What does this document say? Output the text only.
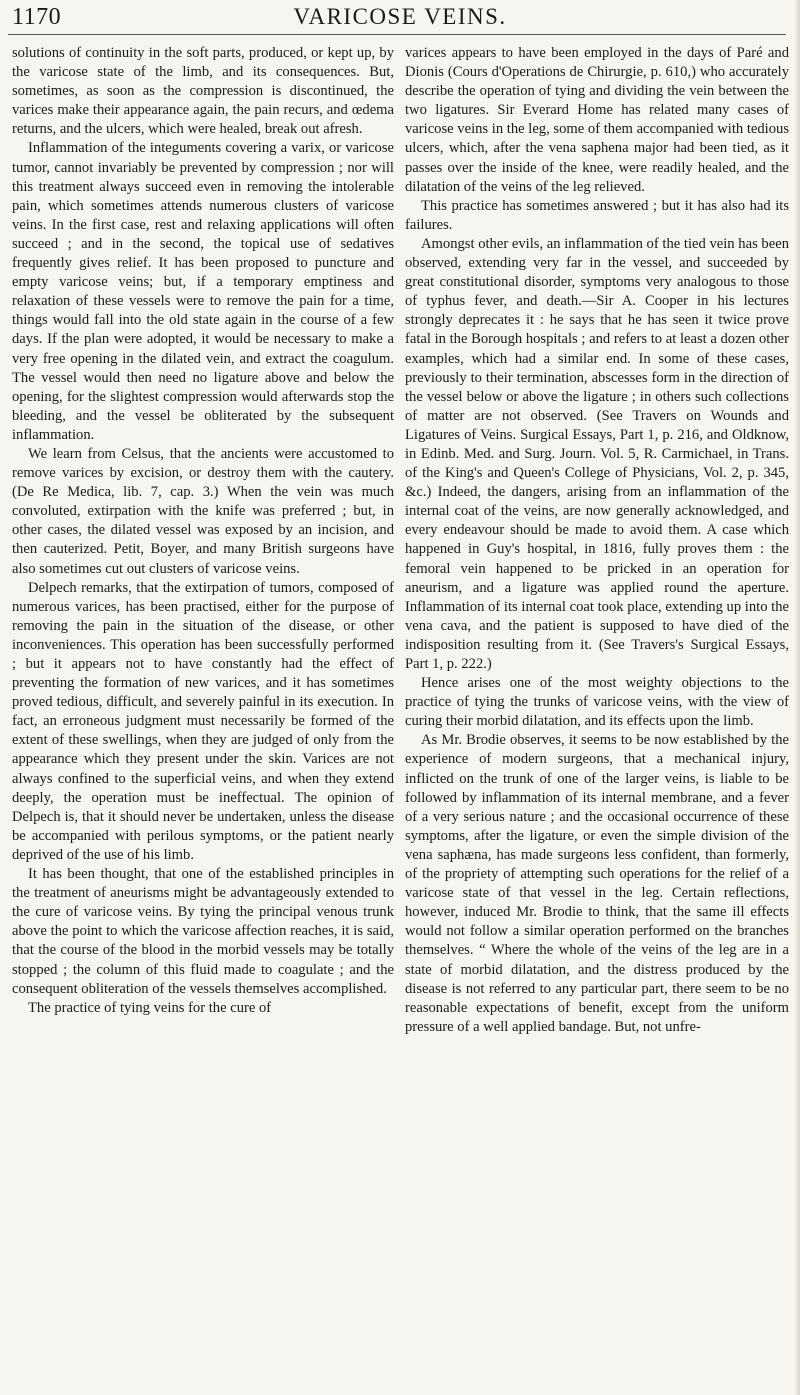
1170	VARICOSE VEINS.

solutions of continuity in the soft parts, produced, or kept up, by the varicose state of the limb, and its consequences. But, sometimes, as soon as the compression is discontinued, the varices make their appearance again, the pain recurs, and œdema returns, and the ulcers, which were healed, break out afresh.

Inflammation of the integuments covering a varix, or varicose tumor, cannot invariably be prevented by compression ; nor will this treatment always succeed even in removing the intolerable pain, which sometimes attends numerous clusters of varicose veins. In the first case, rest and relaxing applications will often succeed ; and in the second, the topical use of sedatives frequently gives relief. It has been proposed to puncture and empty varicose veins; but, if a temporary emptiness and relaxation of these vessels were to remove the pain for a time, things would fall into the old state again in the course of a few days. If the plan were adopted, it would be necessary to make a very free opening in the dilated vein, and extract the coagulum. The vessel would then need no ligature above and below the opening, for the slightest compression would afterwards stop the bleeding, and the vessel be obliterated by the subsequent inflammation.

We learn from Celsus, that the ancients were accustomed to remove varices by excision, or destroy them with the cautery. (De Re Medica, lib. 7, cap. 3.) When the vein was much convoluted, extirpation with the knife was preferred ; but, in other cases, the dilated vessel was exposed by an incision, and then cauterized. Petit, Boyer, and many British surgeons have also sometimes cut out clusters of varicose veins.

Delpech remarks, that the extirpation of tumors, composed of numerous varices, has been practised, either for the purpose of removing the pain in the situation of the disease, or other inconveniences. This operation has been successfully performed ; but it appears not to have constantly had the effect of preventing the formation of new varices, and it has sometimes proved tedious, difficult, and severely painful in its execution. In fact, an erroneous judgment must necessarily be formed of the extent of these swellings, when they are judged of only from the appearance which they present under the skin. Varices are not always confined to the superficial veins, and when they extend deeply, the operation must be ineffectual. The opinion of Delpech is, that it should never be undertaken, unless the disease be accompanied with perilous symptoms, or the patient nearly deprived of the use of his limb.

It has been thought, that one of the established principles in the treatment of aneurisms might be advantageously extended to the cure of varicose veins. By tying the principal venous trunk above the point to which the varicose affection reaches, it is said, that the course of the blood in the morbid vessels may be totally stopped ; the column of this fluid made to coagulate ; and the consequent obliteration of the vessels themselves accomplished.

The practice of tying veins for the cure of

varices appears to have been employed in the days of Paré and Dionis (Cours d'Operations de Chirurgie, p. 610,) who accurately describe the operation of tying and dividing the vein between the two ligatures. Sir Everard Home has related many cases of varicose veins in the leg, some of them accompanied with tedious ulcers, which, after the vena saphena major had been tied, as it passes over the inside of the knee, were readily healed, and the dilatation of the veins of the leg relieved.

This practice has sometimes answered ; but it has also had its failures.

Amongst other evils, an inflammation of the tied vein has been observed, extending very far in the vessel, and succeeded by great constitutional disorder, symptoms very analogous to those of typhus fever, and death.—Sir A. Cooper in his lectures strongly deprecates it : he says that he has seen it twice prove fatal in the Borough hospitals ; and refers to at least a dozen other examples, which had a similar end. In some of these cases, previously to their termination, abscesses form in the direction of the vessel below or above the ligature ; in others such collections of matter are not observed. (See Travers on Wounds and Ligatures of Veins. Surgical Essays, Part 1, p. 216, and Oldknow, in Edinb. Med. and Surg. Journ. Vol. 5, R. Carmichael, in Trans. of the King's and Queen's College of Physicians, Vol. 2, p. 345, &c.) Indeed, the dangers, arising from an inflammation of the internal coat of the veins, are now generally acknowledged, and every endeavour should be made to avoid them. A case which happened in Guy's hospital, in 1816, fully proves them : the femoral vein happened to be pricked in an operation for aneurism, and a ligature was applied round the aperture. Inflammation of its internal coat took place, extending up into the vena cava, and the patient is supposed to have died of the indisposition resulting from it. (See Travers's Surgical Essays, Part 1, p. 222.)

Hence arises one of the most weighty objections to the practice of tying the trunks of varicose veins, with the view of curing their morbid dilatation, and its effects upon the limb.

As Mr. Brodie observes, it seems to be now established by the experience of modern surgeons, that a mechanical injury, inflicted on the trunk of one of the larger veins, is liable to be followed by inflammation of its internal membrane, and a fever of a very serious nature ; and the occasional occurrence of these symptoms, after the ligature, or even the simple division of the vena saphæna, has made surgeons less confident, than formerly, of the propriety of attempting such operations for the relief of a varicose state of that vessel in the leg. Certain reflections, however, induced Mr. Brodie to think, that the same ill effects would not follow a similar operation performed on the branches themselves. “ Where the whole of the veins of the leg are in a state of morbid dilatation, and the distress produced by the disease is not referred to any particular part, there seem to be no reasonable expectations of benefit, except from the uniform pressure of a well applied bandage. But, not unfre-
